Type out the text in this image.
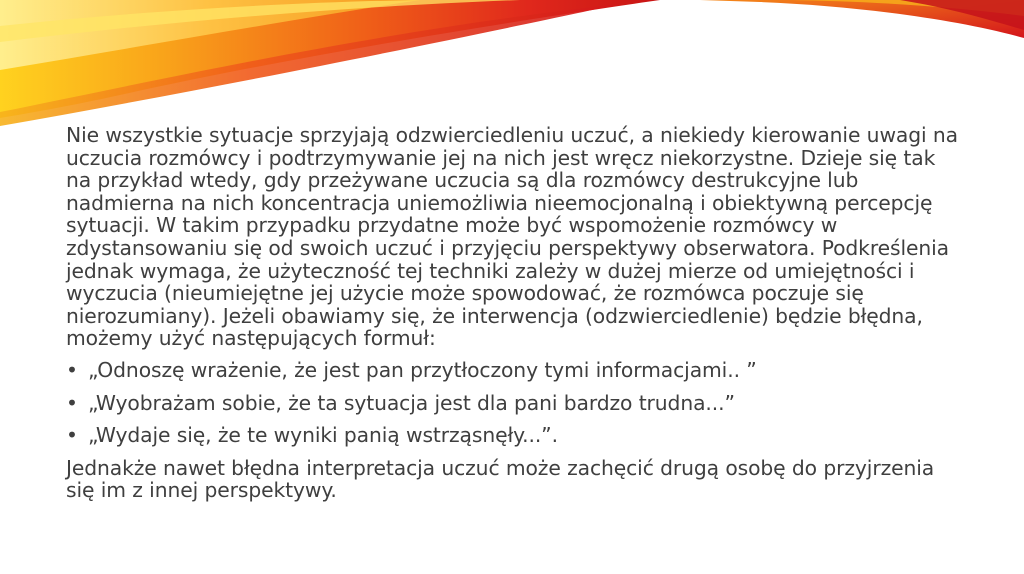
Nie wszystkie sytuacje sprzyjają odzwierciedleniu uczuć, a niekiedy kierowanie uwagi na uczucia rozmówcy i podtrzymywanie jej na nich jest wręcz niekorzystne. Dzieje się tak na przykład wtedy, gdy przeżywane uczucia są dla rozmówcy destrukcyjne lub nadmierna na nich koncentracja uniemożliwia nieemocjonalną i obiektywną percepcję sytuacji. W takim przypadku przydatne może być wspomożenie rozmówcy w zdystansowaniu się od swoich uczuć i przyjęciu perspektywy obserwatora. Podkreślenia jednak wymaga, że użyteczność tej techniki zależy w dużej mierze od umiejętności i wyczucia (nieumiejętne jej użycie może spowodować, że rozmówca poczuje się nierozumiany). Jeżeli obawiamy się, że interwencja (odzwierciedlenie) będzie błędna, możemy użyć następujących formuł:

• „Odnoszę wrażenie, że jest pan przytłoczony tymi informacjami.. ”
• „Wyobrażam sobie, że ta sytuacja jest dla pani bardzo trudna...”
• „Wydaje się, że te wyniki panią wstrząsnęły...”.

Jednakże nawet błędna interpretacja uczuć może zachęcić drugą osobę do przyjrzenia się im z innej perspektywy.
